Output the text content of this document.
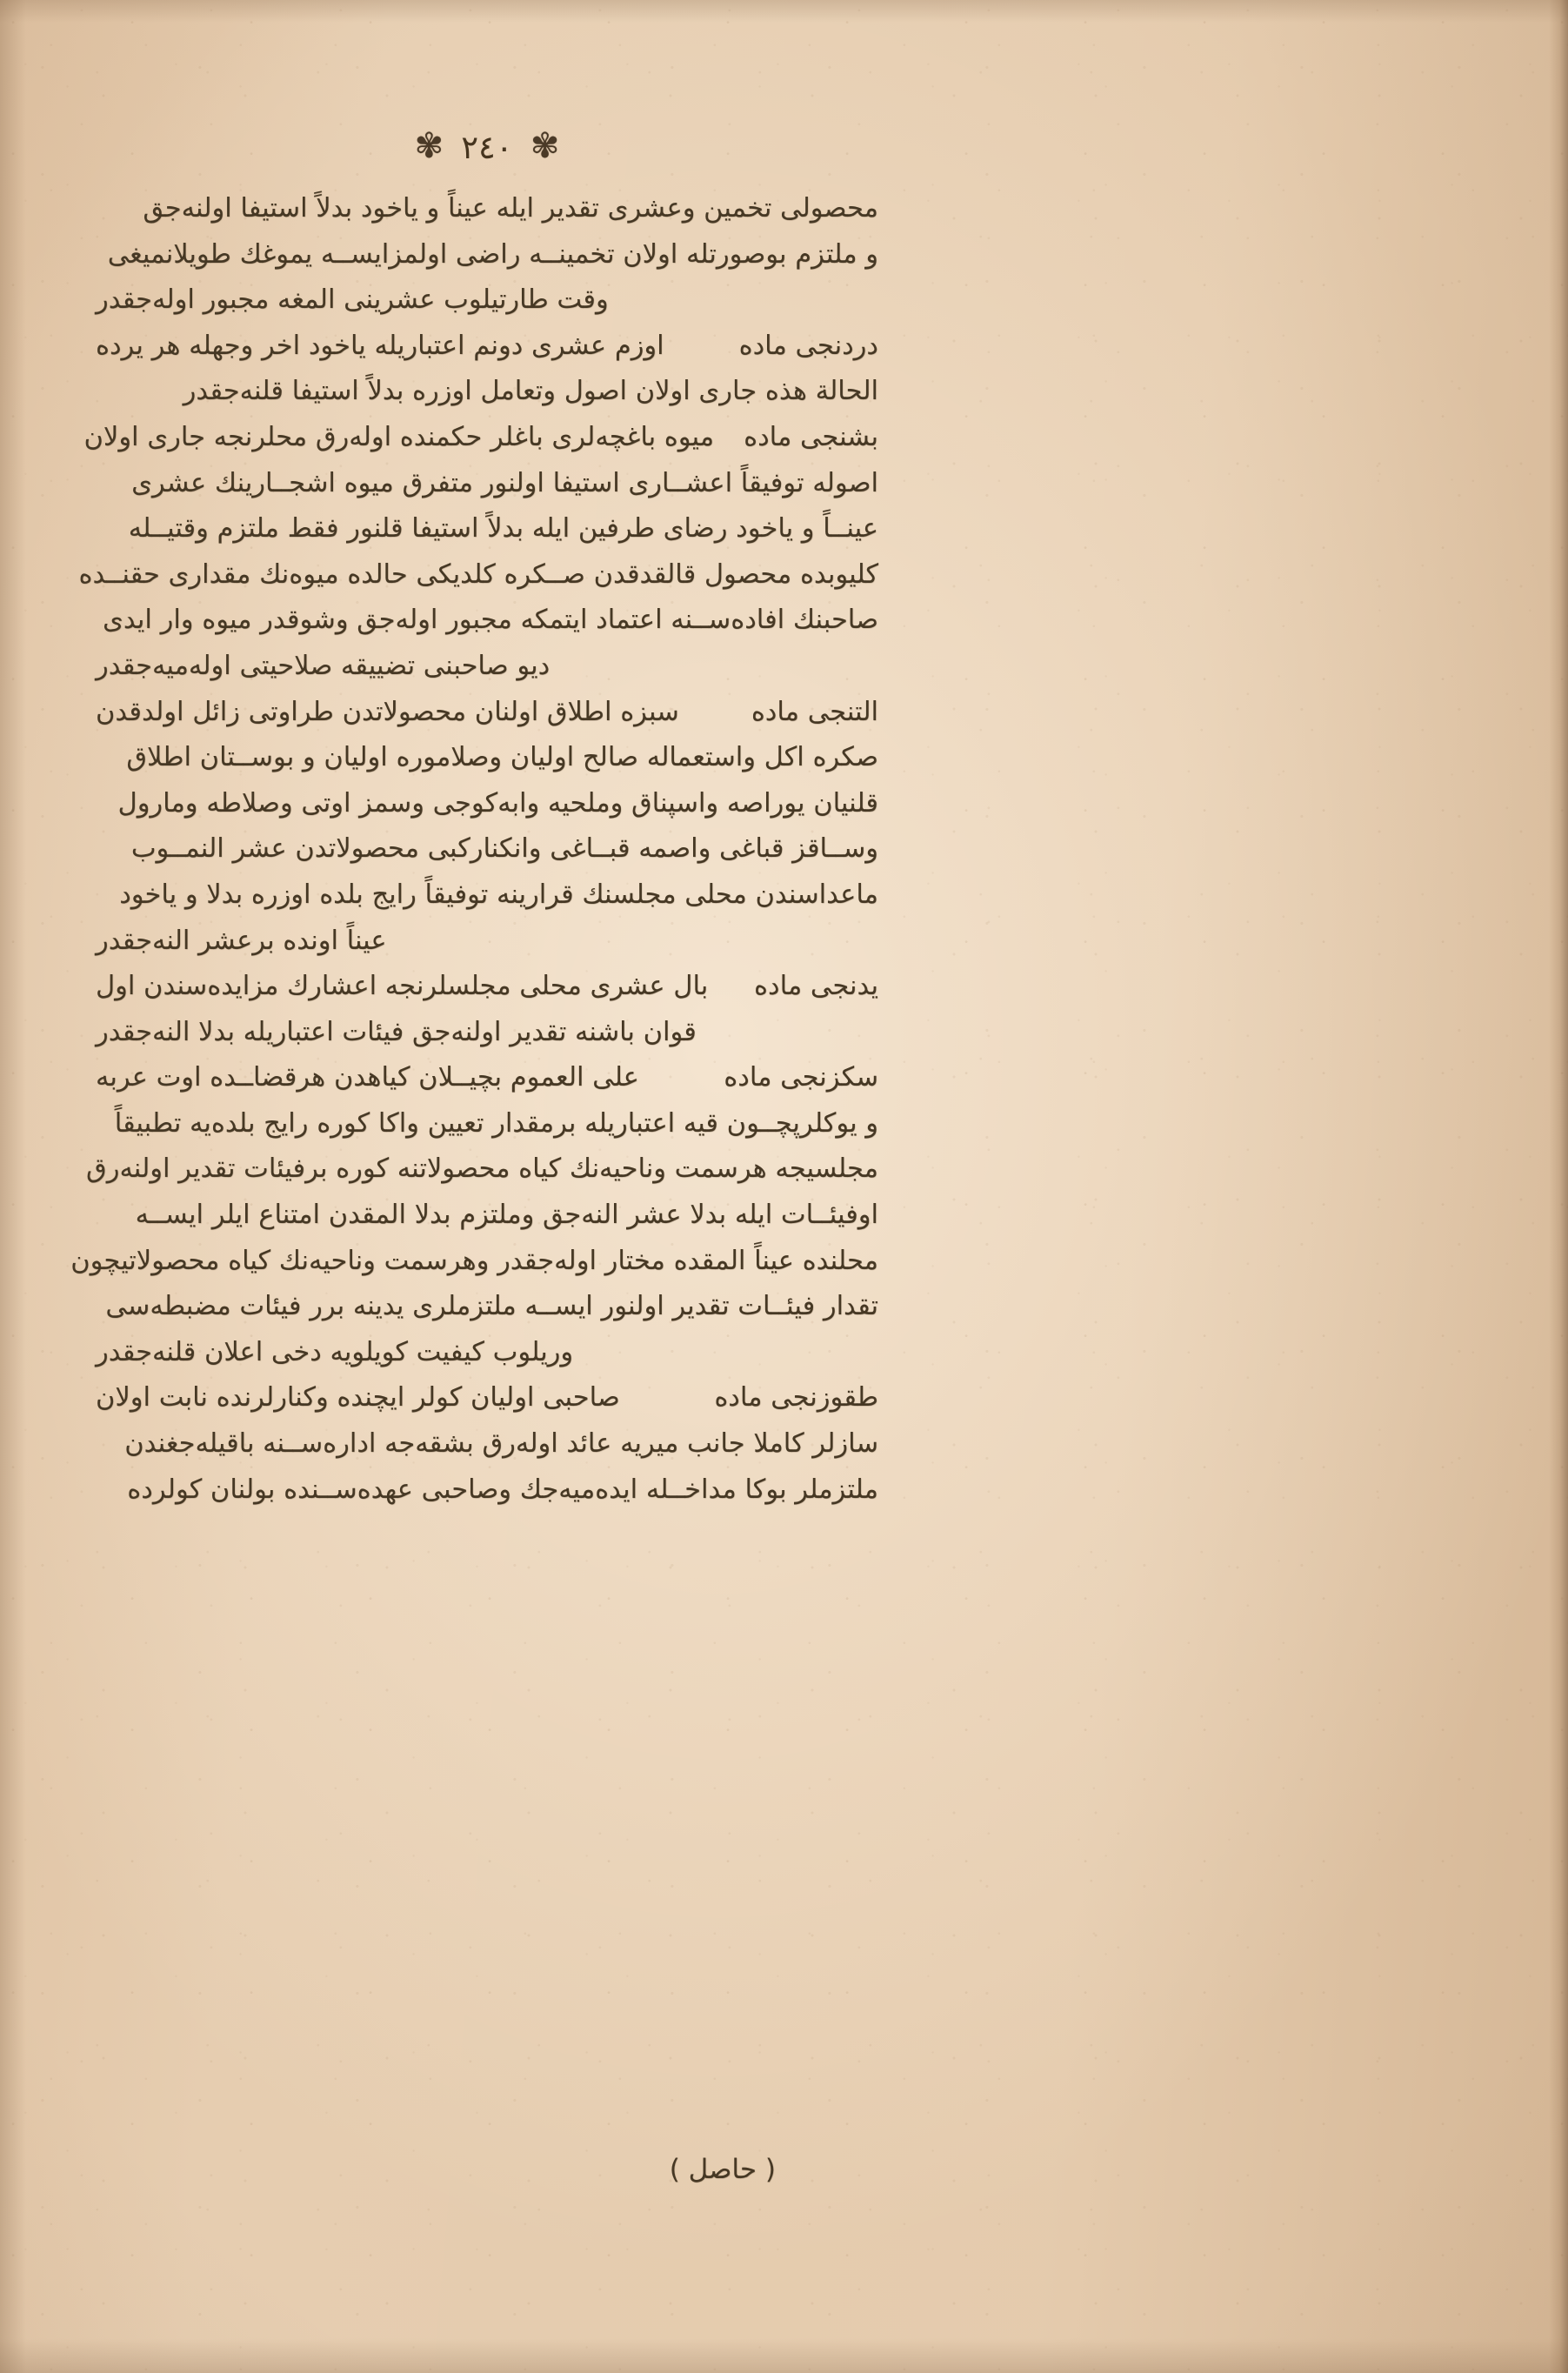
✾
٢٤٠
✾
محصولی تخمین وعشری تقدیر ایله عیناً و یاخود بدلاً استیفا اولنەجق
و ملتزم بوصورتله اولان تخمینــه راضی اولمزایســه یموغك طویلانمیغی
وقت طارتیلوب عشرینی المغه مجبور اولەجقدر
دردنجی ماده
اوزم عشری دونم اعتباریله یاخود اخر وجهله هر یرده
الحالة هذه جاری اولان اصول وتعامل اوزره بدلاً استیفا قلنەجقدر
بشنجی ماده
میوه باغچەلری باغلر حکمنده اولەرق محلرنجه جاری اولان
اصوله توفیقاً اعشــاری استیفا اولنور متفرق میوه اشجــارینك عشری
عینــاً و یاخود رضای طرفین ایله بدلاً استیفا قلنور فقط ملتزم وقتیــله
کلیوبده محصول قالقدقدن صــکره کلدیکی حالده میوەنك مقداری حقنــده
صاحبنك افادەســنه اعتماد ایتمکه مجبور اولەجق وشوقدر میوه وار ایدی
دیو صاحبنی تضییقه صلاحیتی اولەمیه‌جقدر
التنجی ماده
سبزه اطلاق اولنان محصولاتدن طراوتی زائل اولدقدن
صکره اکل واستعماله صالح اولیان وصلامورە اولیان و بوســتان اطلاق
قلنیان یوراصه واسپناق وملحیه وابه‌کوجی وسمز اوتی وصلاطه ومارول
وســاقز قباغی واصمه قبــاغی وانکنارکبی محصولاتدن عشر النمــوب
ماعداسندن محلی مجلسنك قرارینه توفیقاً رایج بلده اوزره بدلا و یاخود
عیناً اونده برعشر النەجقدر
یدنجی ماده
بال عشری محلی مجلسلرنجه اعشارك مزایدەسندن اول
قوان باشنه تقدیر اولنەجق فیئات اعتباریله بدلا النەجقدر
سکزنجی ماده
علی العموم بچیــلان کیاهدن هرقضاــده اوت عربه
و یوکلرپچــون قیه اعتباریله برمقدار تعیین واکا کوره رایج بلدەیه تطبیقاً
مجلسیجه هرسمت وناحیەنك کیاه محصولاتنه کوره برفیئات تقدیر اولنەرق
اوفیئــات ایله بدلا عشر النەجق وملتزم بدلا المقدن امتناع ایلر ایســه
محلنده عیناً المقده مختار اولەجقدر وهرسمت وناحیەنك کیاه محصولاتیچون
تقدار فیئــات تقدیر اولنور ایســه ملتزملری یدینه برر فیئات مضبطەسی
وریلوب کیفیت کویلویه دخی اعلان قلنەجقدر
طقوزنجی ماده
صاحبی اولیان کولر ایچنده وکنارلرنده نابت اولان
سازلر کاملا جانب میریه عائد اولەرق بشقەجه ادارەســنه باقیلەجغندن
ملتزملر بوکا مداخــله ایدەمیەجك وصاحبی عهدەســنده بولنان کولرده
( حاصل )
